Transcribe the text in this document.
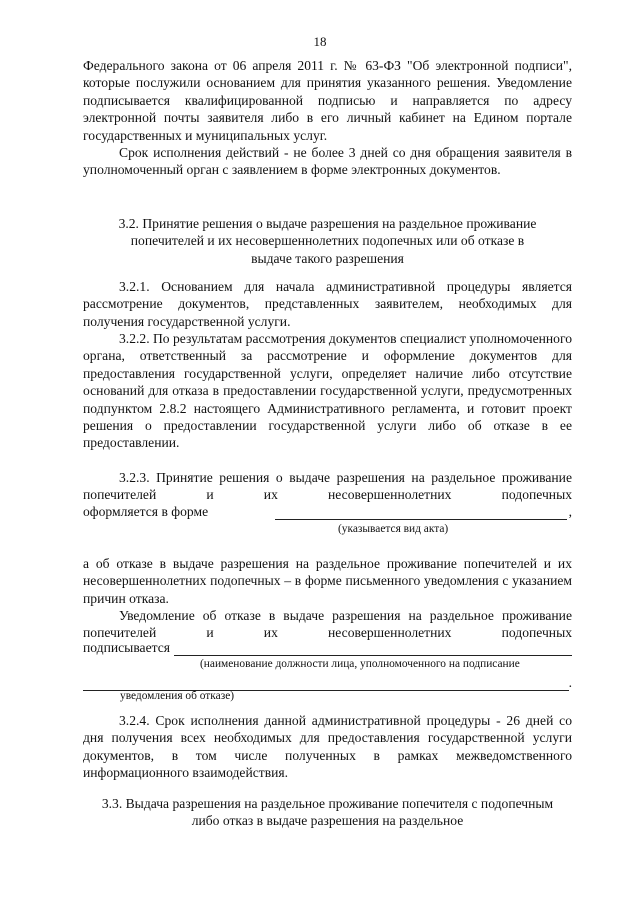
18
Федерального закона от 06 апреля 2011 г. № 63-ФЗ "Об электронной подписи", которые послужили основанием для принятия указанного решения. Уведомление подписывается квалифицированной подписью и направляется по адресу электронной почты заявителя либо в его личный кабинет на Едином портале государственных и муниципальных услуг.
Срок исполнения действий - не более 3 дней со дня обращения заявителя в уполномоченный орган с заявлением в форме электронных документов.
3.2. Принятие решения о выдаче разрешения на раздельное проживание попечителей и их несовершеннолетних подопечных или об отказе в выдаче такого разрешения
3.2.1. Основанием для начала административной процедуры является рассмотрение документов, представленных заявителем, необходимых для получения государственной услуги.
3.2.2. По результатам рассмотрения документов специалист уполномоченного органа, ответственный за рассмотрение и оформление документов для предоставления государственной услуги, определяет наличие либо отсутствие оснований для отказа в предоставлении государственной услуги, предусмотренных подпунктом 2.8.2 настоящего Административного регламента, и готовит проект решения о предоставлении государственной услуги либо об отказе в ее предоставлении.
3.2.3. Принятие решения о выдаче разрешения на раздельное проживание попечителей и их несовершеннолетних подопечных
оформляется в форме	,
(указывается вид акта)
а об отказе в выдаче разрешения на раздельное проживание попечителей и их несовершеннолетних подопечных – в форме письменного уведомления с указанием причин отказа.
Уведомление об отказе в выдаче разрешения на раздельное проживание попечителей и их несовершеннолетних подопечных
подписывается
(наименование должности лица, уполномоченного на подписание
.
уведомления об отказе)
3.2.4. Срок исполнения данной административной процедуры - 26 дней со дня получения всех необходимых для предоставления государственной услуги документов, в том числе полученных в рамках межведомственного информационного взаимодействия.
3.3. Выдача разрешения на раздельное проживание попечителя с подопечным либо отказ в выдаче разрешения на раздельное
